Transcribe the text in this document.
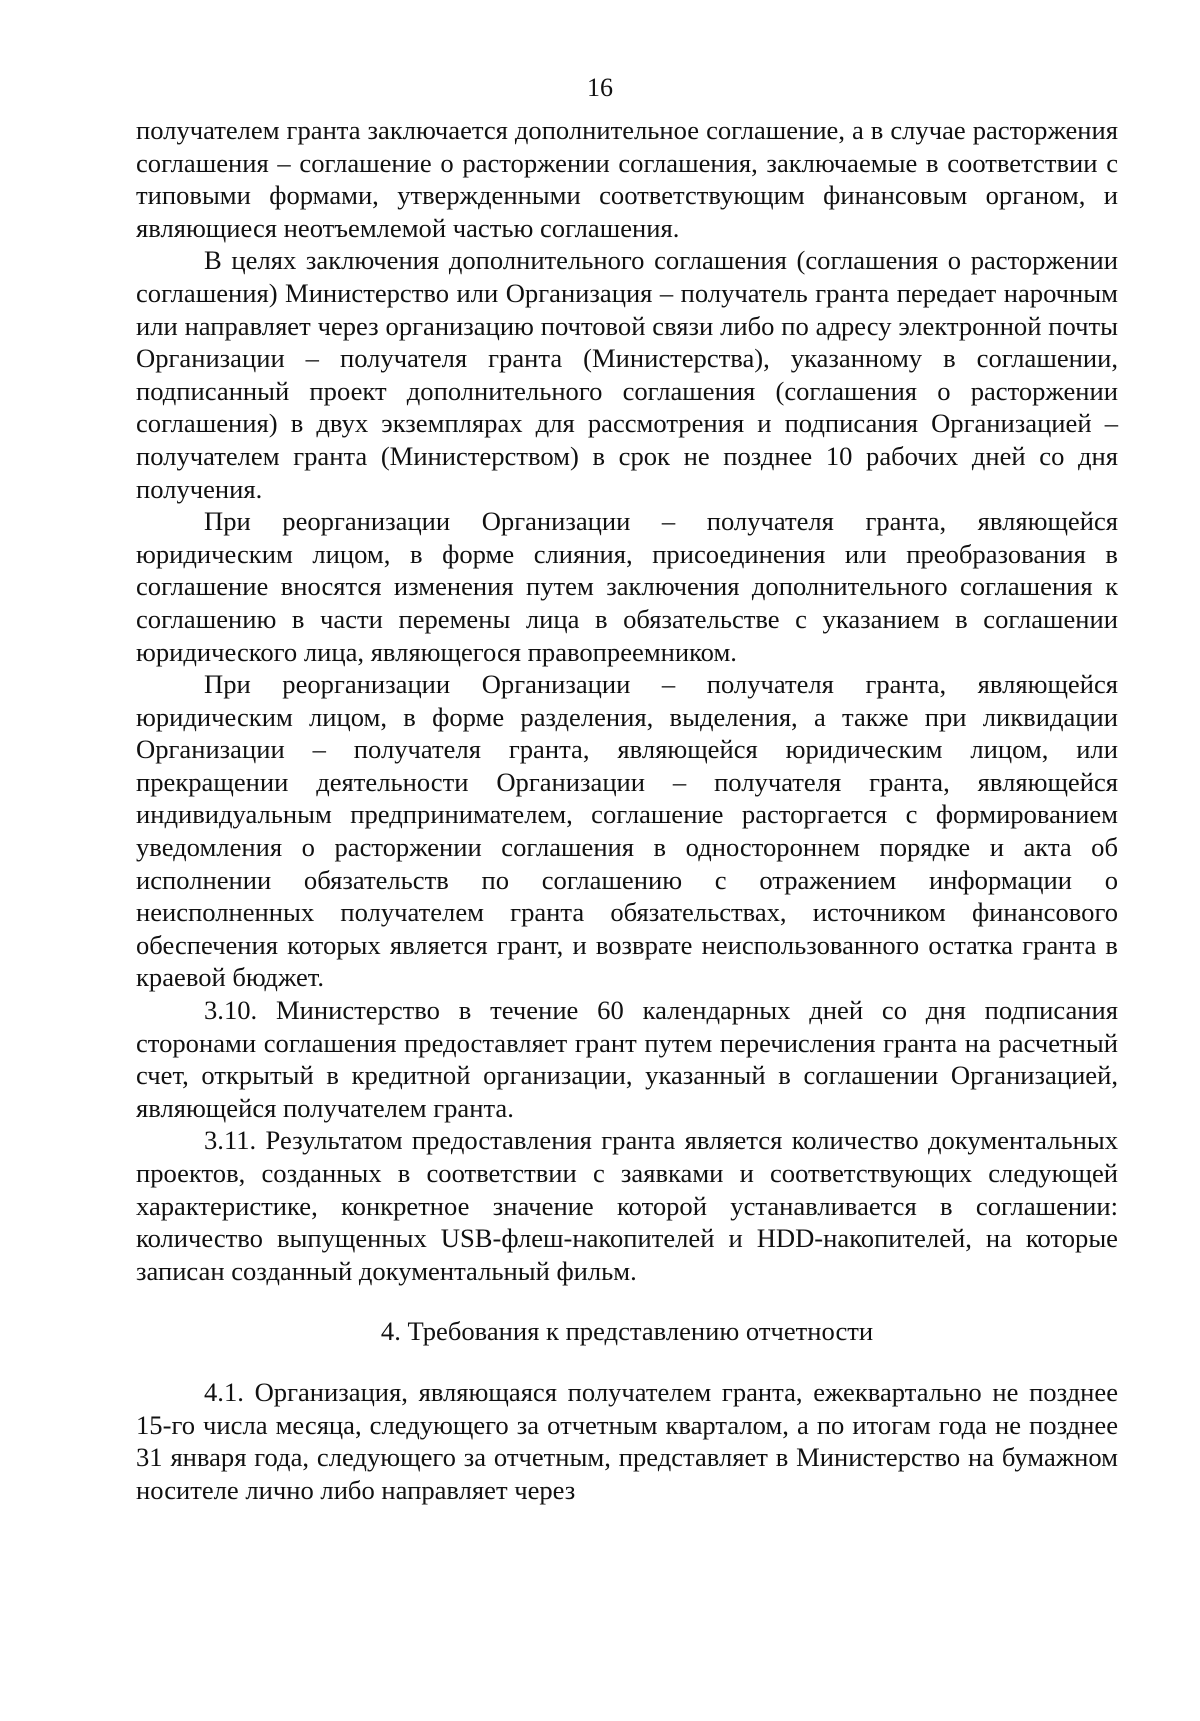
16

получателем гранта заключается дополнительное соглашение, а в случае расторжения соглашения – соглашение о расторжении соглашения, заключаемые в соответствии с типовыми формами, утвержденными соответствующим финансовым органом, и являющиеся неотъемлемой частью соглашения.

В целях заключения дополнительного соглашения (соглашения о расторжении соглашения) Министерство или Организация – получатель гранта передает нарочным или направляет через организацию почтовой связи либо по адресу электронной почты Организации – получателя гранта (Министерства), указанному в соглашении, подписанный проект дополнительного соглашения (соглашения о расторжении соглашения) в двух экземплярах для рассмотрения и подписания Организацией – получателем гранта (Министерством) в срок не позднее 10 рабочих дней со дня получения.

При реорганизации Организации – получателя гранта, являющейся юридическим лицом, в форме слияния, присоединения или преобразования в соглашение вносятся изменения путем заключения дополнительного соглашения к соглашению в части перемены лица в обязательстве с указанием в соглашении юридического лица, являющегося правопреемником.

При реорганизации Организации – получателя гранта, являющейся юридическим лицом, в форме разделения, выделения, а также при ликвидации Организации – получателя гранта, являющейся юридическим лицом, или прекращении деятельности Организации – получателя гранта, являющейся индивидуальным предпринимателем, соглашение расторгается с формированием уведомления о расторжении соглашения в одностороннем порядке и акта об исполнении обязательств по соглашению с отражением информации о неисполненных получателем гранта обязательствах, источником финансового обеспечения которых является грант, и возврате неиспользованного остатка гранта в краевой бюджет.

3.10. Министерство в течение 60 календарных дней со дня подписания сторонами соглашения предоставляет грант путем перечисления гранта на расчетный счет, открытый в кредитной организации, указанный в соглашении Организацией, являющейся получателем гранта.

3.11. Результатом предоставления гранта является количество документальных проектов, созданных в соответствии с заявками и соответствующих следующей характеристике, конкретное значение которой устанавливается в соглашении: количество выпущенных USB-флеш-накопителей и HDD-накопителей, на которые записан созданный документальный фильм.

4. Требования к представлению отчетности

4.1. Организация, являющаяся получателем гранта, ежеквартально не позднее 15-го числа месяца, следующего за отчетным кварталом, а по итогам года не позднее 31 января года, следующего за отчетным, представляет в Министерство на бумажном носителе лично либо направляет через
